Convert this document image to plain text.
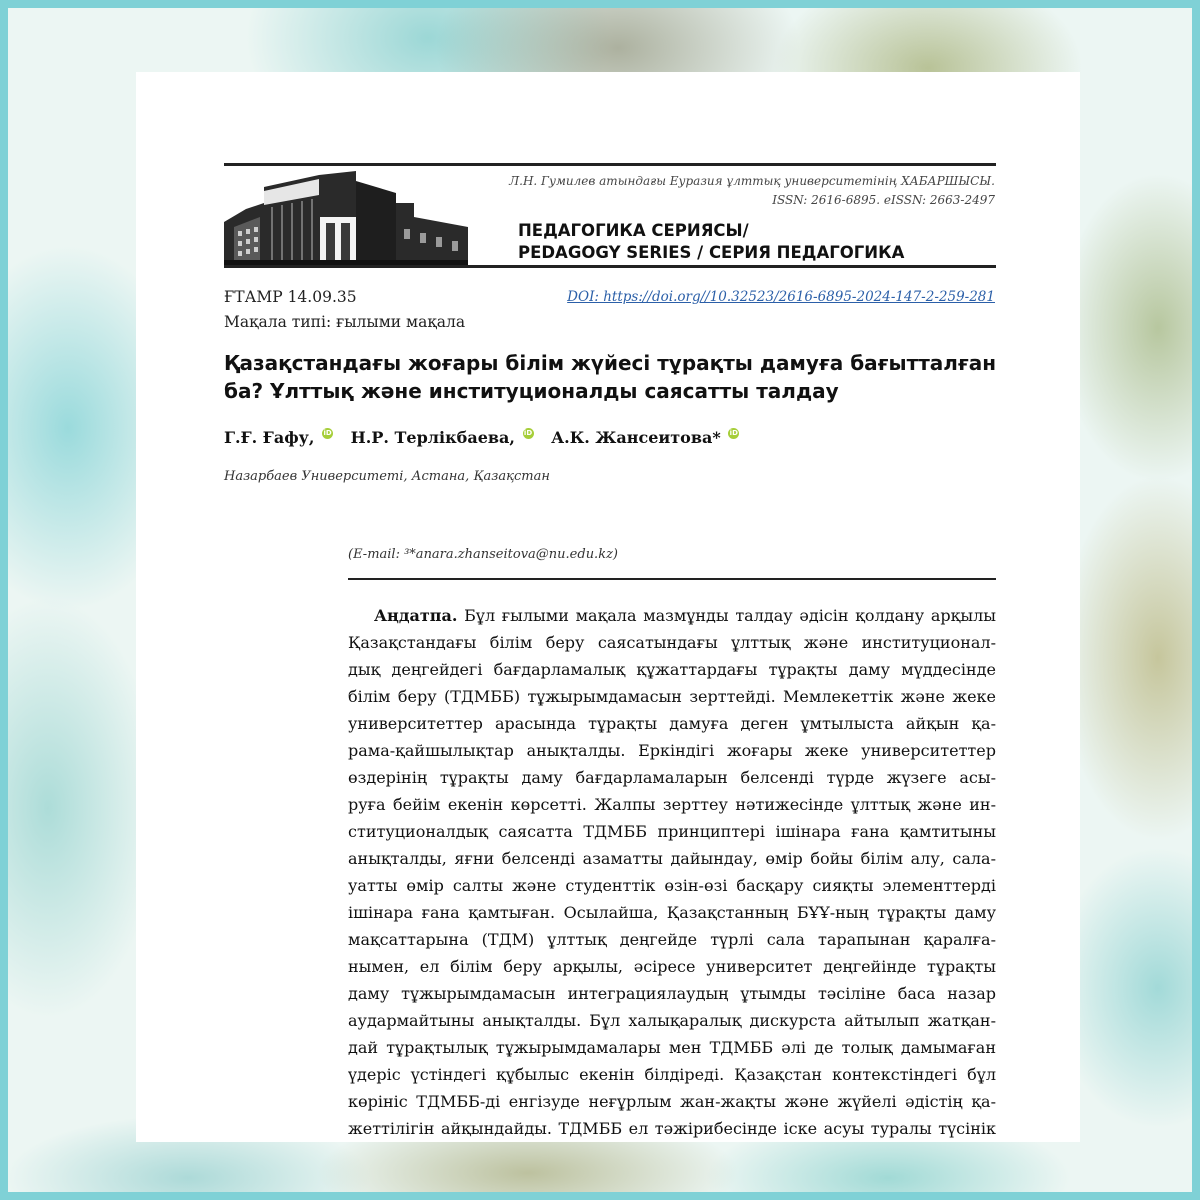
Л.Н. Гумилев атындағы Еуразия ұлттық университетінің ХАБАРШЫСЫ.
ISSN: 2616-6895. eISSN: 2663-2497
ПЕДАГОГИКА СЕРИЯСЫ/
PEDAGOGY SERIES / СЕРИЯ ПЕДАГОГИКА
ҒТАМР 14.09.35
Мақала типі: ғылыми мақала
DOI: https://doi.org//10.32523/2616-6895-2024-147-2-259-281
Қазақстандағы жоғары білім жүйесі тұрақты дамуға бағытталған
ба? Ұлттық және институционалды саясатты талдау
Г.Ғ. Ғафу, iD Н.Р. Терлікбаева, iD А.К. Жансеитова* iD
Назарбаев Университеті, Астана, Қазақстан
(E-mail: ³*anara.zhanseitova@nu.edu.kz)
Аңдатпа. Бұл ғылыми мақала мазмұнды талдау әдісін қолдану арқылы
Қазақстандағы білім беру саясатындағы ұлттық және институционал-
дық деңгейдегі бағдарламалық құжаттардағы тұрақты даму мүддесінде
білім беру (ТДМББ) тұжырымдамасын зерттейді. Мемлекеттік және жеке
университеттер арасында тұрақты дамуға деген ұмтылыста айқын қа-
рама-қайшылықтар анықталды. Еркіндігі жоғары жеке университеттер
өздерінің тұрақты даму бағдарламаларын белсенді түрде жүзеге асы-
руға бейім екенін көрсетті. Жалпы зерттеу нәтижесінде ұлттық және ин-
ституционалдық саясатта ТДМББ принциптері ішінара ғана қамтитыны
анықталды, яғни белсенді азаматты дайындау, өмір бойы білім алу, сала-
уатты өмір салты және студенттік өзін-өзі басқару сияқты элементтерді
ішінара ғана қамтыған. Осылайша, Қазақстанның БҰҰ-ның тұрақты даму
мақсаттарына (ТДМ) ұлттық деңгейде түрлі сала тарапынан қаралға-
нымен, ел білім беру арқылы, әсіресе университет деңгейінде тұрақты
даму тұжырымдамасын интеграциялаудың ұтымды тәсіліне баса назар
аудармайтыны анықталды. Бұл халықаралық дискурста айтылып жатқан-
дай тұрақтылық тұжырымдамалары мен ТДМББ әлі де толық дамымаған
үдеріс үстіндегі құбылыс екенін білдіреді. Қазақстан контекстіндегі бұл
көрініс ТДМББ-ді енгізуде неғұрлым жан-жақты және жүйелі әдістің қа-
жеттілігін айқындайды. ТДМББ ел тәжірибесінде іске асуы туралы түсінік
